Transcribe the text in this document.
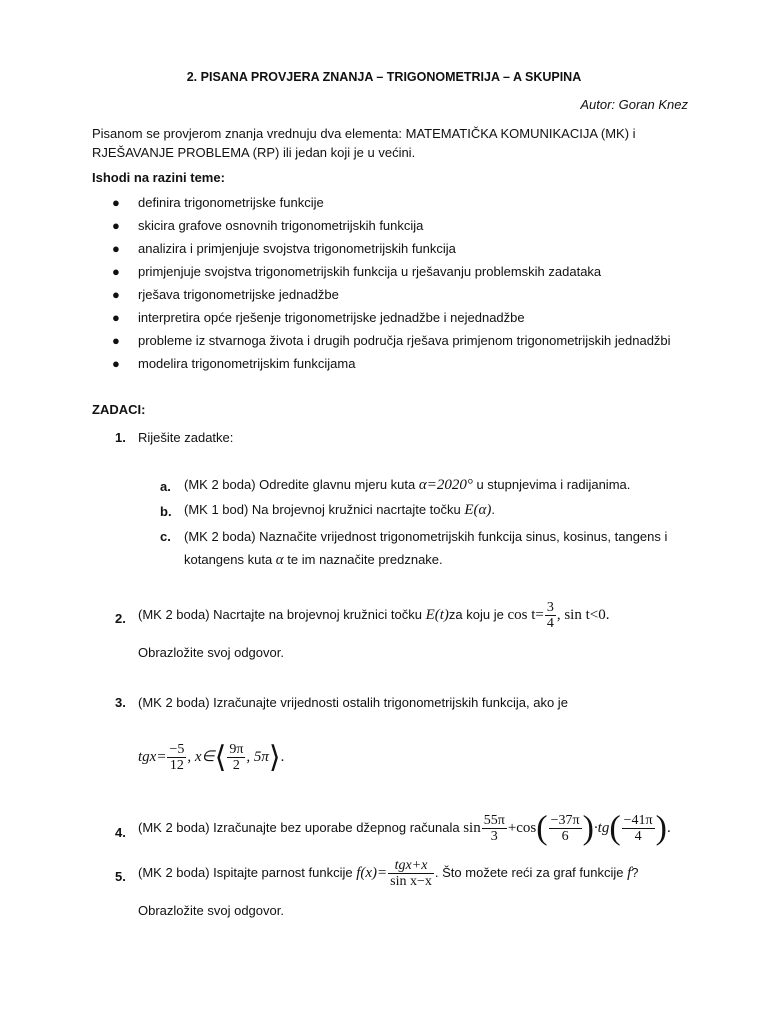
2. PISANA PROVJERA ZNANJA – TRIGONOMETRIJA – A SKUPINA
Autor: Goran Knez
Pisanom se provjerom znanja vrednuju dva elementa: MATEMATIČKA KOMUNIKACIJA (MK) i
RJEŠAVANJE PROBLEMA (RP) ili jedan koji je u većini.
Ishodi na razini teme:
● definira trigonometrijske funkcije
● skicira grafove osnovnih trigonometrijskih funkcija
● analizira i primjenjuje svojstva trigonometrijskih funkcija
● primjenjuje svojstva trigonometrijskih funkcija u rješavanju problemskih zadataka
● rješava trigonometrijske jednadžbe
● interpretira opće rješenje trigonometrijske jednadžbe i nejednadžbe
● probleme iz stvarnoga života i drugih područja rješava primjenom trigonometrijskih jednadžbi
● modelira trigonometrijskim funkcijama
ZADACI:
1. Riješite zadatke:
a. (MK 2 boda) Odredite glavnu mjeru kuta α=2020° u stupnjevima i radijanima.
b. (MK 1 bod) Na brojevnoj kružnici nacrtajte točku E(α).
c. (MK 2 boda) Naznačite vrijednost trigonometrijskih funkcija sinus, kosinus, tangens i
kotangens kuta α te im naznačite predznake.
2. (MK 2 boda) Nacrtajte na brojevnoj kružnici točku E(t)za koju je $\cos t= \frac{3}{4}$ , sin t<0.
Obrazložite svoj odgovor.
3. (MK 2 boda) Izračunajte vrijednosti ostalih trigonometrijskih funkcija, ako je
$tgx= \frac{-5}{12}$ , x∈⟨ $\frac{9\pi}{2}$ , 5π⟩.
4. (MK 2 boda) Izračunajte bez uporabe džepnog računala $\sin \frac{55\pi}{3} +\cos( \frac{-37\pi}{6} )\cdot tg( \frac{-41\pi}{4}$ ).
5. (MK 2 boda) Ispitajte parnost funkcije $f(x)= \frac{\text{tgx+x}}{\text{sin x−x}}$ . Što možete reći za graf funkcije f?
Obrazložite svoj odgovor.
